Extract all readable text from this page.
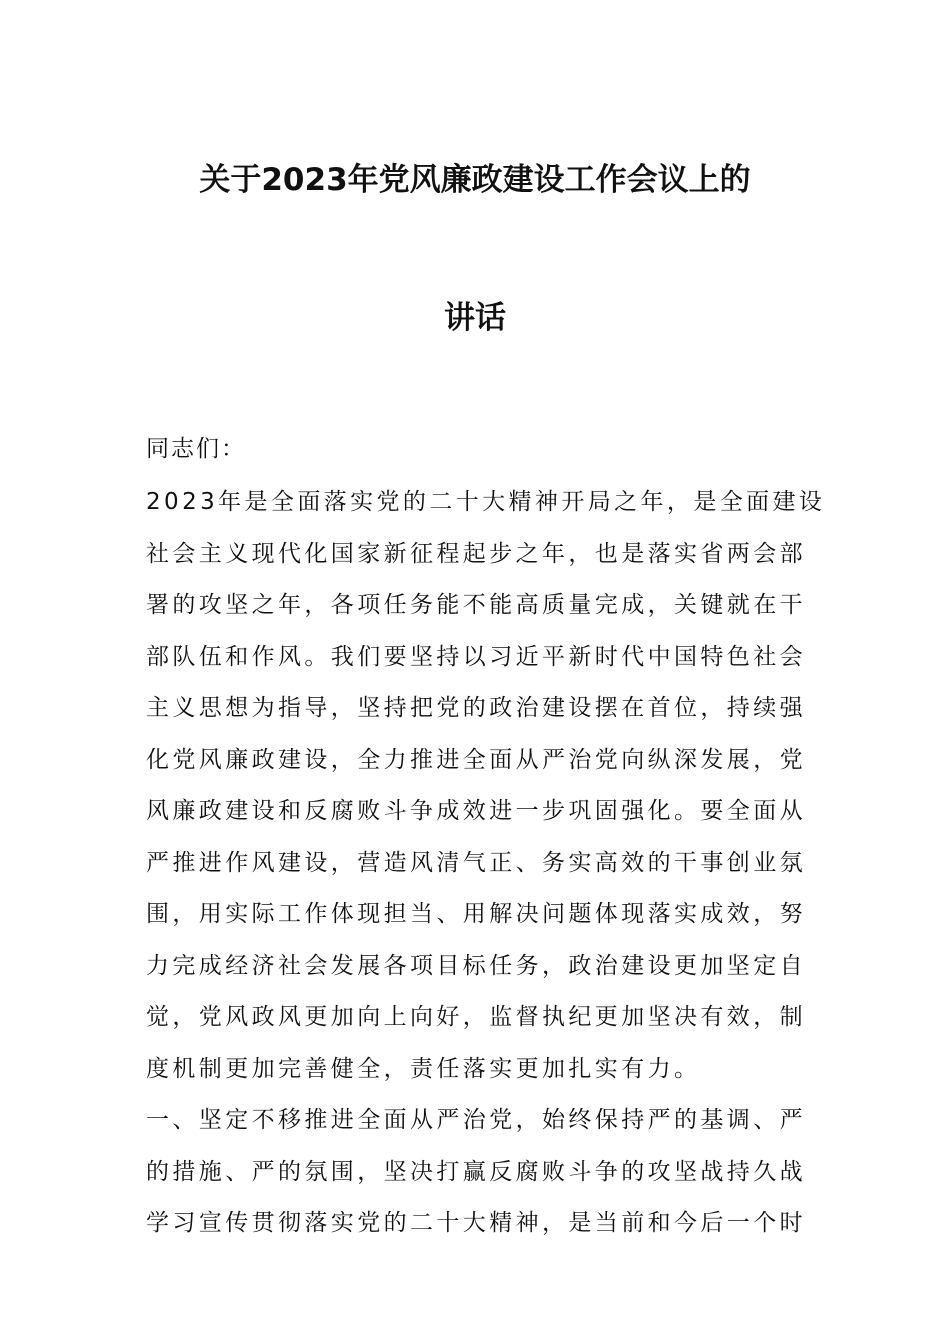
关于2023年党风廉政建设工作会议上的
讲话

同志们：

2023年是全面落实党的二十大精神开局之年，是全面建设

社会主义现代化国家新征程起步之年，也是落实省两会部

署的攻坚之年，各项任务能不能高质量完成，关键就在干

部队伍和作风。我们要坚持以习近平新时代中国特色社会

主义思想为指导，坚持把党的政治建设摆在首位，持续强

化党风廉政建设，全力推进全面从严治党向纵深发展，党

风廉政建设和反腐败斗争成效进一步巩固强化。要全面从

严推进作风建设，营造风清气正、务实高效的干事创业氛

围，用实际工作体现担当、用解决问题体现落实成效，努

力完成经济社会发展各项目标任务，政治建设更加坚定自

觉，党风政风更加向上向好，监督执纪更加坚决有效，制

度机制更加完善健全，责任落实更加扎实有力。

一、坚定不移推进全面从严治党，始终保持严的基调、严

的措施、严的氛围，坚决打赢反腐败斗争的攻坚战持久战

学习宣传贯彻落实党的二十大精神，是当前和今后一个时
